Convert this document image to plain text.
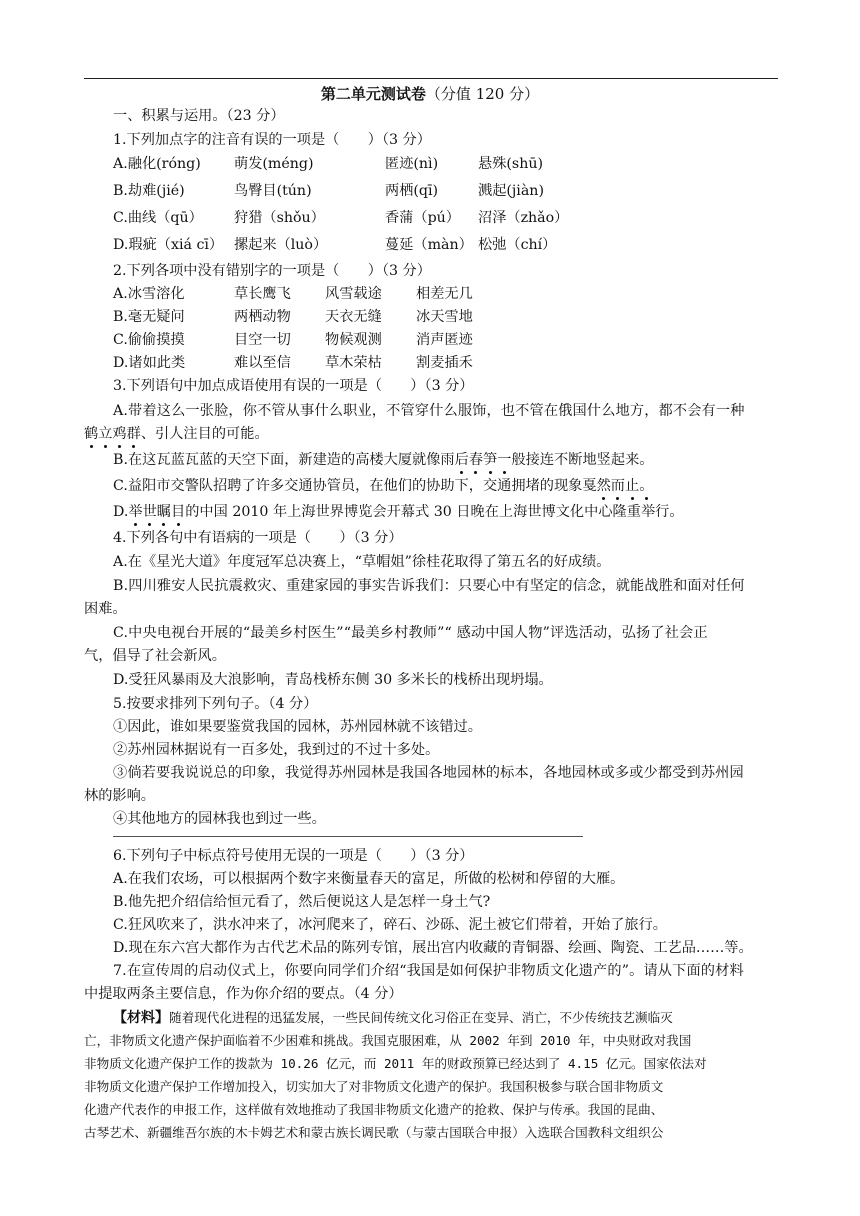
第二单元测试卷（分值 120 分）
一、积累与运用。（23 分）
1.下列加点字的注音有误的一项是（　　）（3 分）
A.融化(róng) 萌发(méng)	匿迹(nì)	悬殊(shū)
B.劫难(jié)	鸟臀目(tún)	两栖(qī)	溅起(jiàn)
C.曲线（qū） 狩猎（shǒu）	香蒲（pú） 沼泽（zhǎo）
D.瑕疵（xiá cī） 摞起来（luò）	蔓延（màn） 松弛（chí）
2.下列各项中没有错别字的一项是（　　）（3 分）
A.冰雪溶化	草长鹰飞 风雪载途 相差无几
B.毫无疑问	两栖动物 天衣无缝 冰天雪地
C.偷偷摸摸	目空一切 物候观测 消声匿迹
D.诸如此类	难以至信 草木荣枯 割麦插禾
3.下列语句中加点成语使用有误的一项是（　　）（3 分）
A.带着这么一张脸，你不管从事什么职业，不管穿什么服饰，也不管在俄国什么地方，都不会有一种
鹤立鸡群、引人注目的可能。
B.在这瓦蓝瓦蓝的天空下面，新建造的高楼大厦就像雨后春笋一般接连不断地竖起来。
C.益阳市交警队招聘了许多交通协管员，在他们的协助下，交通拥堵的现象戛然而止。
D.举世瞩目的中国 2010 年上海世界博览会开幕式 30 日晚在上海世博文化中心隆重举行。
4.下列各句中有语病的一项是（　　）（3 分）
A.在《星光大道》年度冠军总决赛上，“草帽姐”徐桂花取得了第五名的好成绩。
B.四川雅安人民抗震救灾、重建家园的事实告诉我们：只要心中有坚定的信念，就能战胜和面对任何
困难。
C.中央电视台开展的“最美乡村医生”“最美乡村教师”“ 感动中国人物”评选活动，弘扬了社会正
气，倡导了社会新风。
D.受狂风暴雨及大浪影响，青岛栈桥东侧 30 多米长的栈桥出现坍塌。
5.按要求排列下列句子。（4 分）
①因此，谁如果要鉴赏我国的园林，苏州园林就不该错过。
②苏州园林据说有一百多处，我到过的不过十多处。
③倘若要我说说总的印象，我觉得苏州园林是我国各地园林的标本，各地园林或多或少都受到苏州园
林的影响。
④其他地方的园林我也到过一些。
6.下列句子中标点符号使用无误的一项是（　　）（3 分）
A.在我们农场，可以根据两个数字来衡量春天的富足，所做的松树和停留的大雁。
B.他先把介绍信给恒元看了，然后便说这人是怎样一身土气?
C.狂风吹来了，洪水冲来了，冰河爬来了，碎石、沙砾、泥土被它们带着，开始了旅行。
D.现在东六宫大都作为古代艺术品的陈列专馆，展出宫内收藏的青铜器、绘画、陶瓷、工艺品……等。
7.在宣传周的启动仪式上，你要向同学们介绍“我国是如何保护非物质文化遗产的”。请从下面的材料
中提取两条主要信息，作为你介绍的要点。（4 分）
【材料】随着现代化进程的迅猛发展，一些民间传统文化习俗正在变异、消亡，不少传统技艺濒临灭
亡，非物质文化遗产保护面临着不少困难和挑战。我国克服困难，从 2002 年到 2010 年，中央财政对我国
非物质文化遗产保护工作的拨款为 10.26 亿元，而 2011 年的财政预算已经达到了 4.15 亿元。国家依法对
非物质文化遗产保护工作增加投入，切实加大了对非物质文化遗产的保护。我国积极参与联合国非物质文
化遗产代表作的申报工作，这样做有效地推动了我国非物质文化遗产的抢救、保护与传承。我国的昆曲、
古琴艺术、新疆维吾尔族的木卡姆艺术和蒙古族长调民歌（与蒙古国联合申报）入选联合国教科文组织公
